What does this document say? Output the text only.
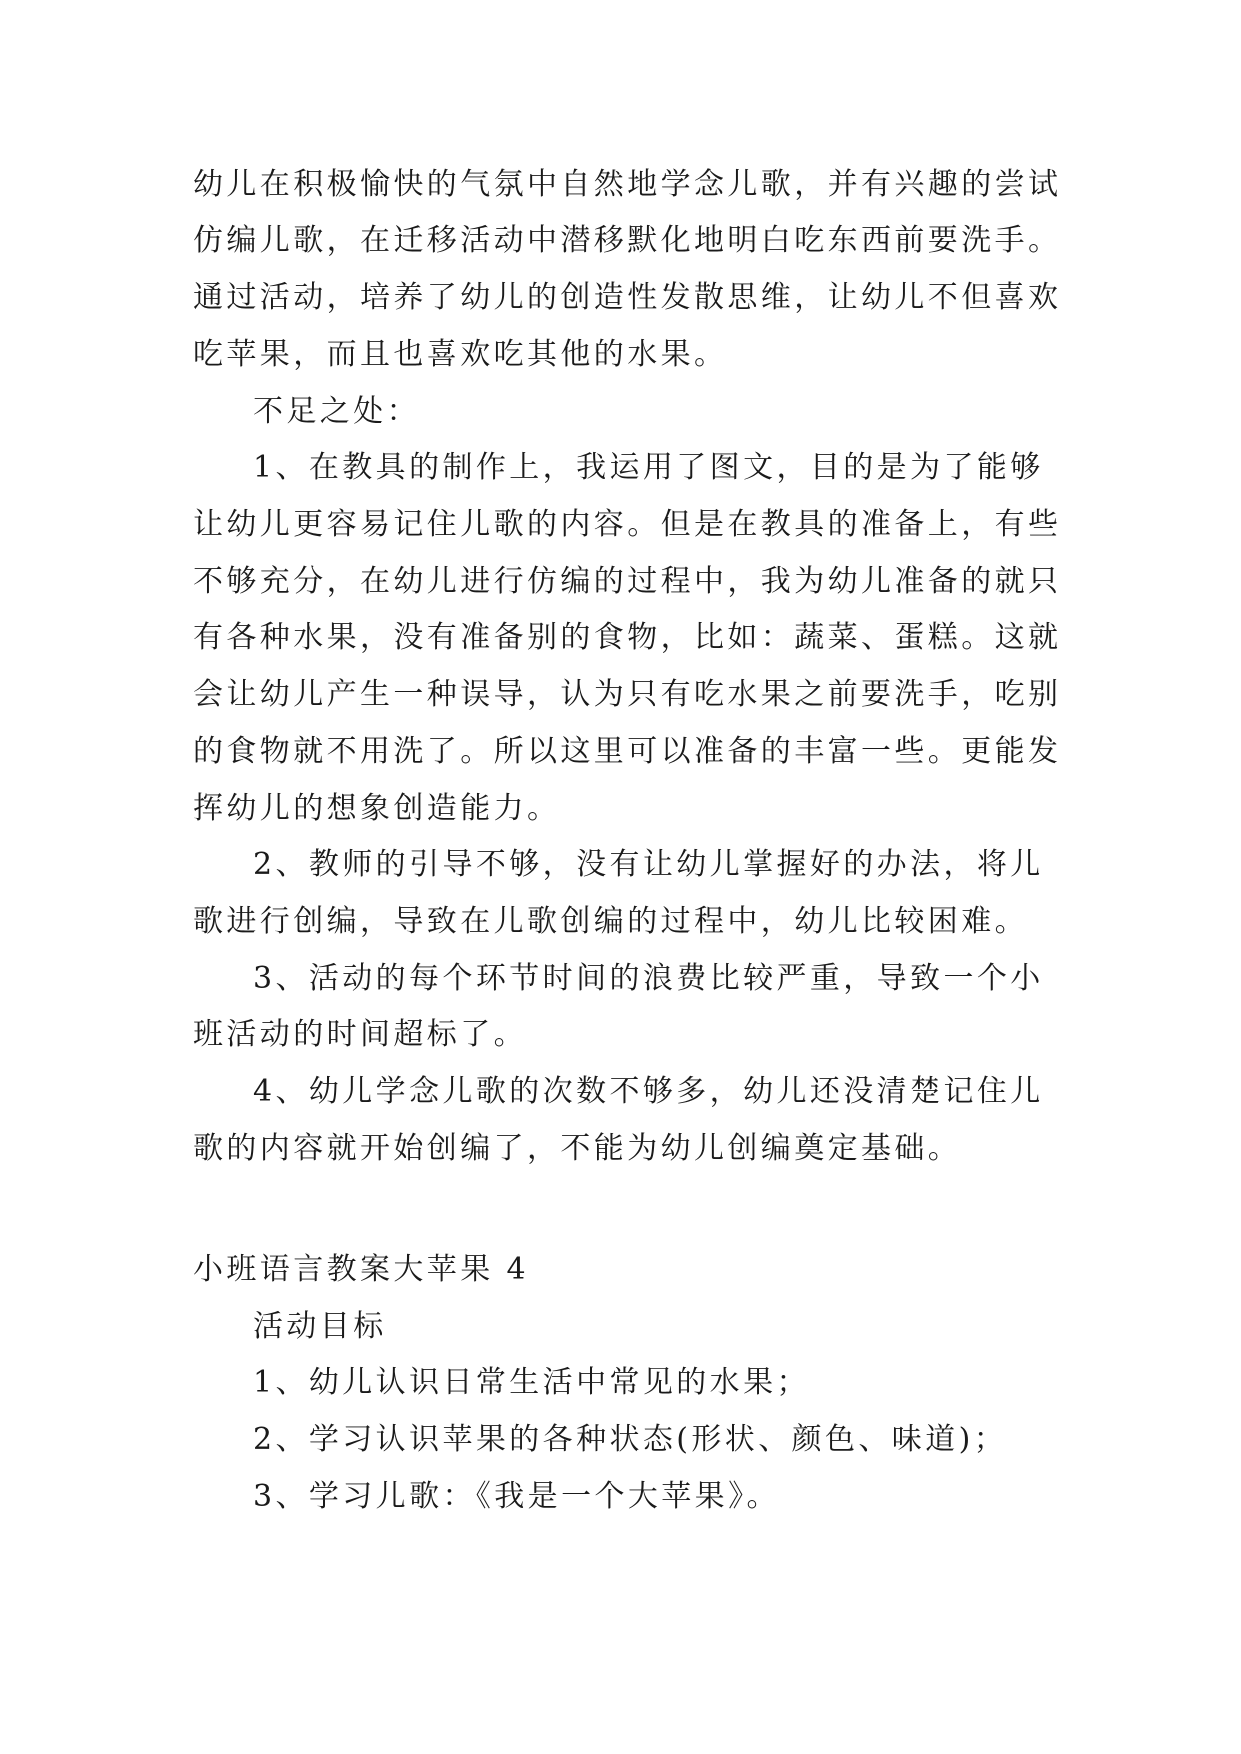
幼儿在积极愉快的气氛中自然地学念儿歌，并有兴趣的尝试
仿编儿歌，在迁移活动中潜移默化地明白吃东西前要洗手。
通过活动，培养了幼儿的创造性发散思维，让幼儿不但喜欢
吃苹果，而且也喜欢吃其他的水果。
不足之处：
1、在教具的制作上，我运用了图文，目的是为了能够
让幼儿更容易记住儿歌的内容。但是在教具的准备上，有些
不够充分，在幼儿进行仿编的过程中，我为幼儿准备的就只
有各种水果，没有准备别的食物，比如：蔬菜、蛋糕。这就
会让幼儿产生一种误导，认为只有吃水果之前要洗手，吃别
的食物就不用洗了。所以这里可以准备的丰富一些。更能发
挥幼儿的想象创造能力。
2、教师的引导不够，没有让幼儿掌握好的办法，将儿
歌进行创编，导致在儿歌创编的过程中，幼儿比较困难。
3、活动的每个环节时间的浪费比较严重，导致一个小
班活动的时间超标了。
4、幼儿学念儿歌的次数不够多，幼儿还没清楚记住儿
歌的内容就开始创编了，不能为幼儿创编奠定基础。
小班语言教案大苹果 4
活动目标
1、幼儿认识日常生活中常见的水果；
2、学习认识苹果的各种状态(形状、颜色、味道)；
3、学习儿歌：《我是一个大苹果》。
